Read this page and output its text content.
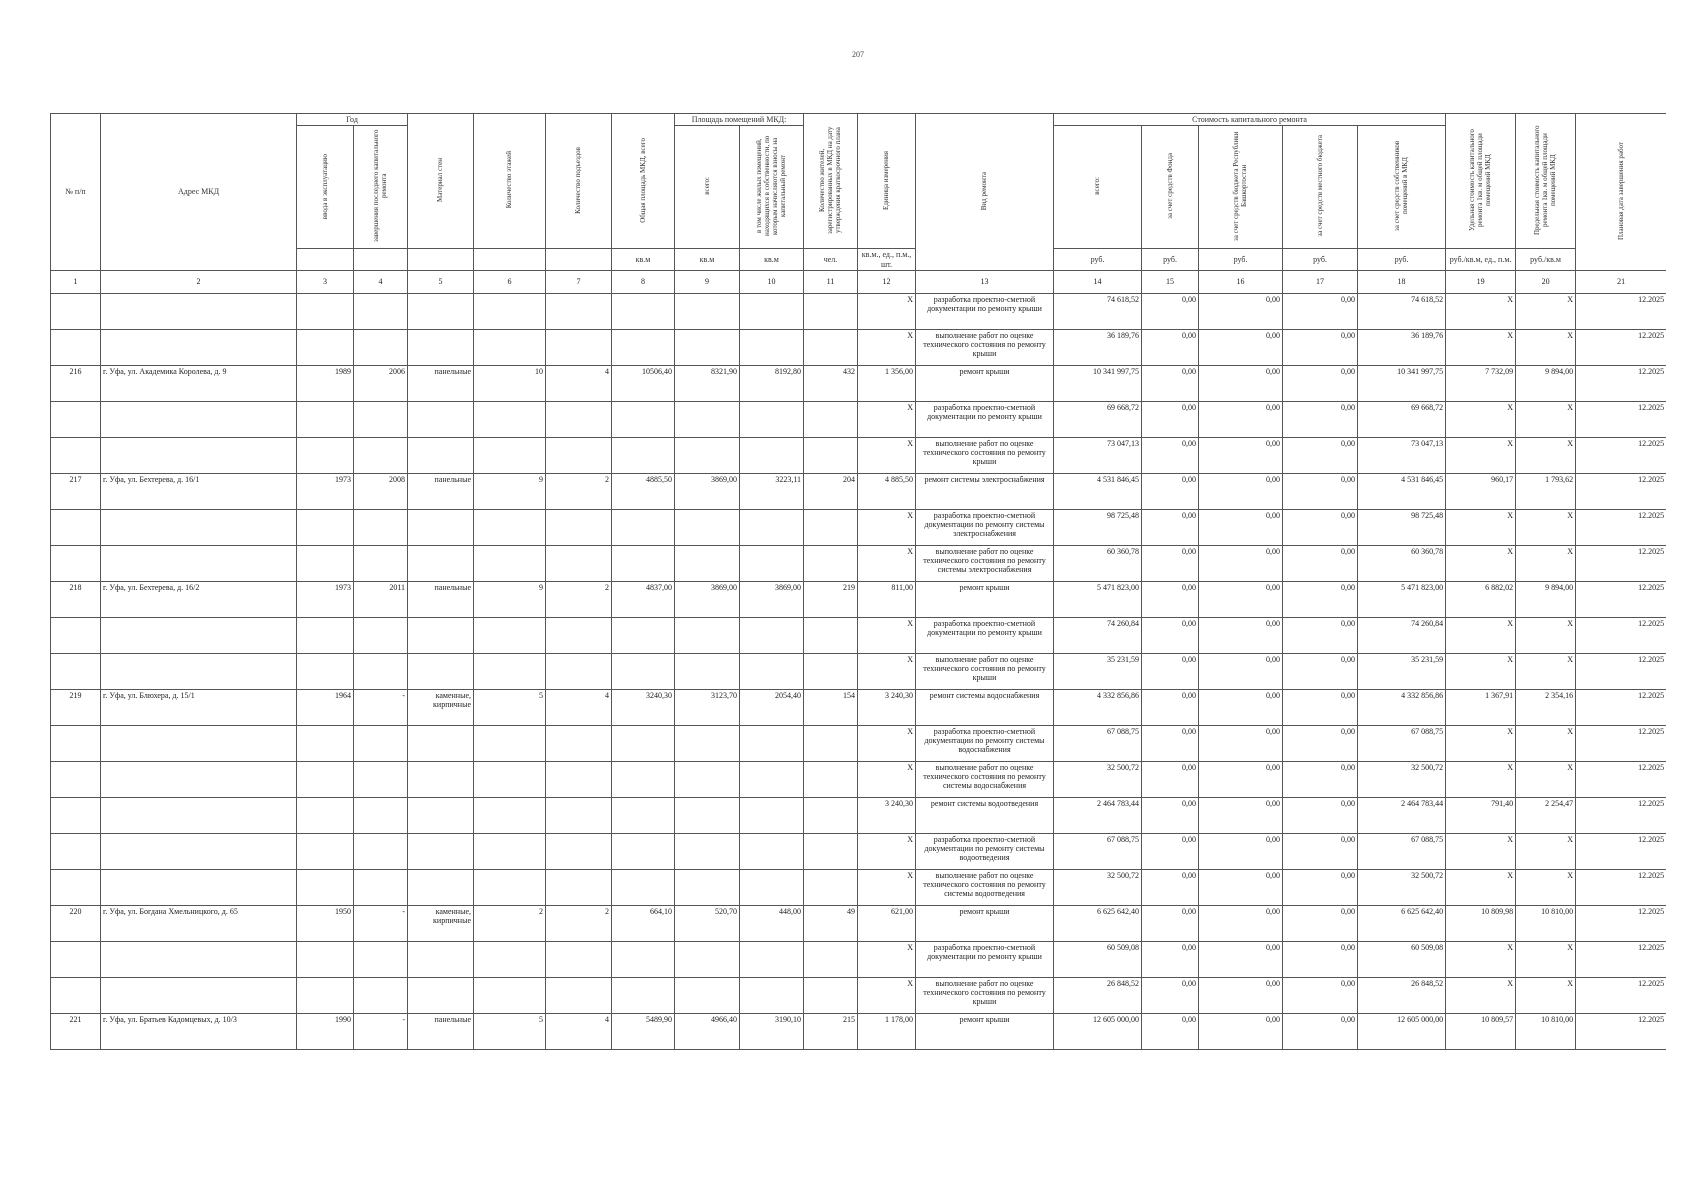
207
№ п/п	Адрес МКД	Год		Материал стен	Количество этажей	Количество подъездов	Общая площадь МКД, всего	Площадь помещений МКД:		Количество жителей, зарегистрированных в МКД на дату утверждения краткосрочного плана	Единица измерения	Вид ремонта	Стоимость капитального ремонта					Удельная стоимость капитального ремонта 1кв. м общей площади помещений МКД	Предельная стоимость капитального ремонта 1кв. м общей площади помещений МКД	Плановая дата завершения работ
		ввода в эксплуатацию	завершения последнего капитального ремонта					всего:	в том числе жилых помещений, находящихся в собственности, по которым начисляются взносы на капитальный ремонт				всего:	за счет средств Фонда	за счет средств бюджета Республики Башкортостан	за счет средств местного бюджета	за счет средств собственников помещений в МКД			
							кв.м	кв.м	кв.м	чел.	кв.м., ед., п.м., шт.		руб.	руб.	руб.	руб.	руб.	руб./кв.м, ед., п.м.	руб./кв.м	
1	2	3	4	5	6	7	8	9	10	11	12	13	14	15	16	17	18	19	20	21
											X	разработка проектно-сметной документации по ремонту крыши	74 618,52	0,00	0,00	0,00	74 618,52	X	X	12.2025
											X	выполнение работ по оценке технического состояния по ремонту крыши	36 189,76	0,00	0,00	0,00	36 189,76	X	X	12.2025
216	г. Уфа, ул. Академика Королева, д. 9	1989	2006	панельные	10	4	10506,40	8321,90	8192,80	432	1 356,00	ремонт крыши	10 341 997,75	0,00	0,00	0,00	10 341 997,75	7 732,09	9 894,00	12.2025
											X	разработка проектно-сметной документации по ремонту крыши	69 668,72	0,00	0,00	0,00	69 668,72	X	X	12.2025
											X	выполнение работ по оценке технического состояния по ремонту крыши	73 047,13	0,00	0,00	0,00	73 047,13	X	X	12.2025
217	г. Уфа, ул. Бехтерева, д. 16/1	1973	2008	панельные	9	2	4885,50	3869,00	3223,11	204	4 885,50	ремонт системы электроснабжения	4 531 846,45	0,00	0,00	0,00	4 531 846,45	960,17	1 793,62	12.2025
											X	разработка проектно-сметной документации по ремонту системы электроснабжения	98 725,48	0,00	0,00	0,00	98 725,48	X	X	12.2025
											X	выполнение работ по оценке технического состояния по ремонту системы электроснабжения	60 360,78	0,00	0,00	0,00	60 360,78	X	X	12.2025
218	г. Уфа, ул. Бехтерева, д. 16/2	1973	2011	панельные	9	2	4837,00	3869,00	3869,00	219	811,00	ремонт крыши	5 471 823,00	0,00	0,00	0,00	5 471 823,00	6 882,02	9 894,00	12.2025
											X	разработка проектно-сметной документации по ремонту крыши	74 260,84	0,00	0,00	0,00	74 260,84	X	X	12.2025
											X	выполнение работ по оценке технического состояния по ремонту крыши	35 231,59	0,00	0,00	0,00	35 231,59	X	X	12.2025
219	г. Уфа, ул. Блюхера, д. 15/1	1964	-	каменные, кирпичные	5	4	3240,30	3123,70	2054,40	154	3 240,30	ремонт системы водоснабжения	4 332 856,86	0,00	0,00	0,00	4 332 856,86	1 367,91	2 354,16	12.2025
											X	разработка проектно-сметной документации по ремонту системы водоснабжения	67 088,75	0,00	0,00	0,00	67 088,75	X	X	12.2025
											X	выполнение работ по оценке технического состояния по ремонту системы водоснабжения	32 500,72	0,00	0,00	0,00	32 500,72	X	X	12.2025
											3 240,30	ремонт системы водоотведения	2 464 783,44	0,00	0,00	0,00	2 464 783,44	791,40	2 254,47	12.2025
											X	разработка проектно-сметной документации по ремонту системы водоотведения	67 088,75	0,00	0,00	0,00	67 088,75	X	X	12.2025
											X	выполнение работ по оценке технического состояния по ремонту системы водоотведения	32 500,72	0,00	0,00	0,00	32 500,72	X	X	12.2025
220	г. Уфа, ул. Богдана Хмельницкого, д. 65	1950	-	каменные, кирпичные	2	2	664,10	520,70	448,00	49	621,00	ремонт крыши	6 625 642,40	0,00	0,00	0,00	6 625 642,40	10 809,98	10 810,00	12.2025
											X	разработка проектно-сметной документации по ремонту крыши	60 509,08	0,00	0,00	0,00	60 509,08	X	X	12.2025
											X	выполнение работ по оценке технического состояния по ремонту крыши	26 848,52	0,00	0,00	0,00	26 848,52	X	X	12.2025
221	г. Уфа, ул. Братьев Кадомцевых, д. 10/3	1990	-	панельные	5	4	5489,90	4966,40	3190,10	215	1 178,00	ремонт крыши	12 605 000,00	0,00	0,00	0,00	12 605 000,00	10 809,57	10 810,00	12.2025
